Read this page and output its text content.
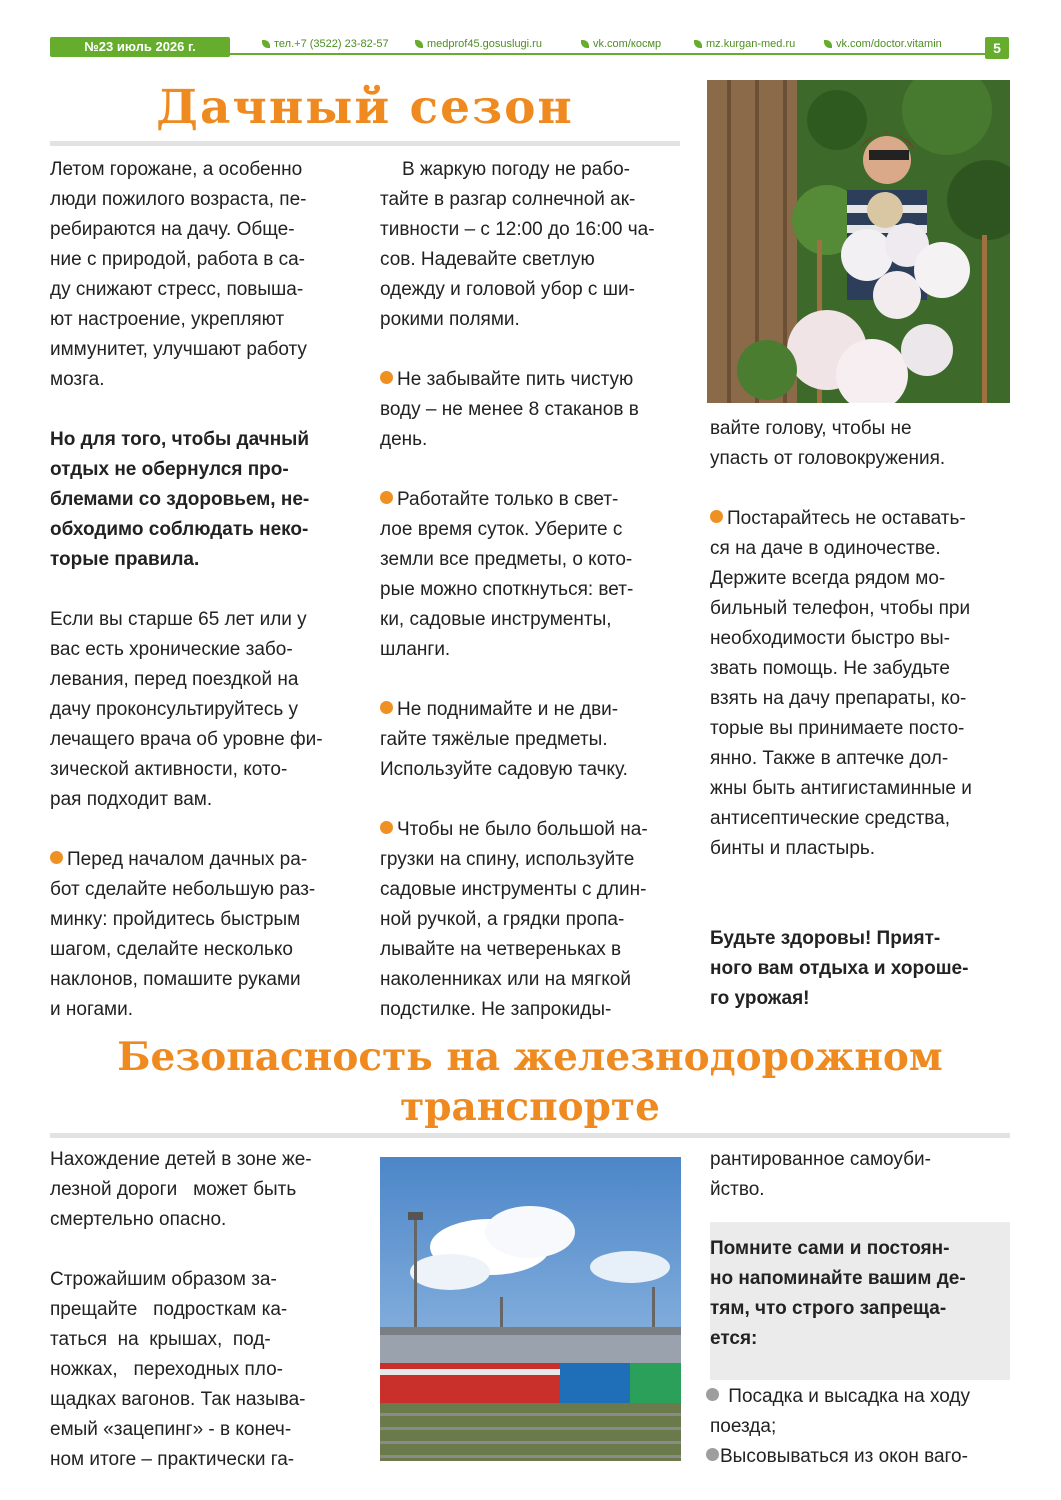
№23 июль 2026 г.	тел.+7 (3522) 23-82-57	medprof45.gosuslugi.ru	vk.com/космр	mz.kurgan-med.ru	vk.com/doctor.vitamin	5
Дачный сезон

Летом горожане, а особенно
люди пожилого возраста, пе-
ребираются на дачу. Обще-
ние с природой, работа в са-
ду снижают стресс, повыша-
ют настроение, укрепляют
иммунитет, улучшают работу
мозга.

Но для того, чтобы дачный
отдых не обернулся про-
блемами со здоровьем, не-
обходимо соблюдать неко-
торые правила.

Если вы старше 65 лет или у
вас есть хронические забо-
левания, перед поездкой на
дачу проконсультируйтесь у
лечащего врача об уровне фи-
зической активности, кото-
рая подходит вам.

Перед началом дачных ра-
бот сделайте небольшую раз-
минку: пройдитесь быстрым
шагом, сделайте несколько
наклонов, помашите руками
и ногами.

В жаркую погоду не рабо-
тайте в разгар солнечной ак-
тивности – с 12:00 до 16:00 ча-
сов. Надевайте светлую
одежду и головой убор с ши-
рокими полями.

Не забывайте пить чистую
воду – не менее 8 стаканов в
день.

Работайте только в свет-
лое время суток. Уберите с
земли все предметы, о кото-
рые можно споткнуться: вет-
ки, садовые инструменты,
шланги.

Не поднимайте и не дви-
гайте тяжёлые предметы.
Используйте садовую тачку.

Чтобы не было большой на-
грузки на спину, используйте
садовые инструменты с длин-
ной ручкой, а грядки пропа-
лывайте на четвереньках в
наколенниках или на мягкой
подстилке. Не запрокиды-

вайте голову, чтобы не
упасть от головокружения.

Постарайтесь не оставать-
ся на даче в одиночестве.
Держите всегда рядом мо-
бильный телефон, чтобы при
необходимости быстро вы-
звать помощь. Не забудьте
взять на дачу препараты, ко-
торые вы принимаете посто-
янно. Также в аптечке дол-
жны быть антигистаминные и
антисептические средства,
бинты и пластырь.

Будьте здоровы! Прият-
ного вам отдыха и хороше-
го урожая!

Безопасность на железнодорожном
транспорте

Нахождение детей в зоне же-
лезной дороги   может быть
смертельно опасно.

Строжайшим образом за-
прещайте   подросткам ка-
таться  на  крышах,  под-
ножках,   переходных пло-
щадках вагонов. Так называ-
емый «зацепинг» - в конеч-
ном итоге – практически га-

рантированное самоуби-
йство.

Помните сами и постоян-
но напоминайте вашим де-
тям, что строго запреща-
ется:
Посадка и высадка на ходу
поезда;
Высовываться из окон ваго-
